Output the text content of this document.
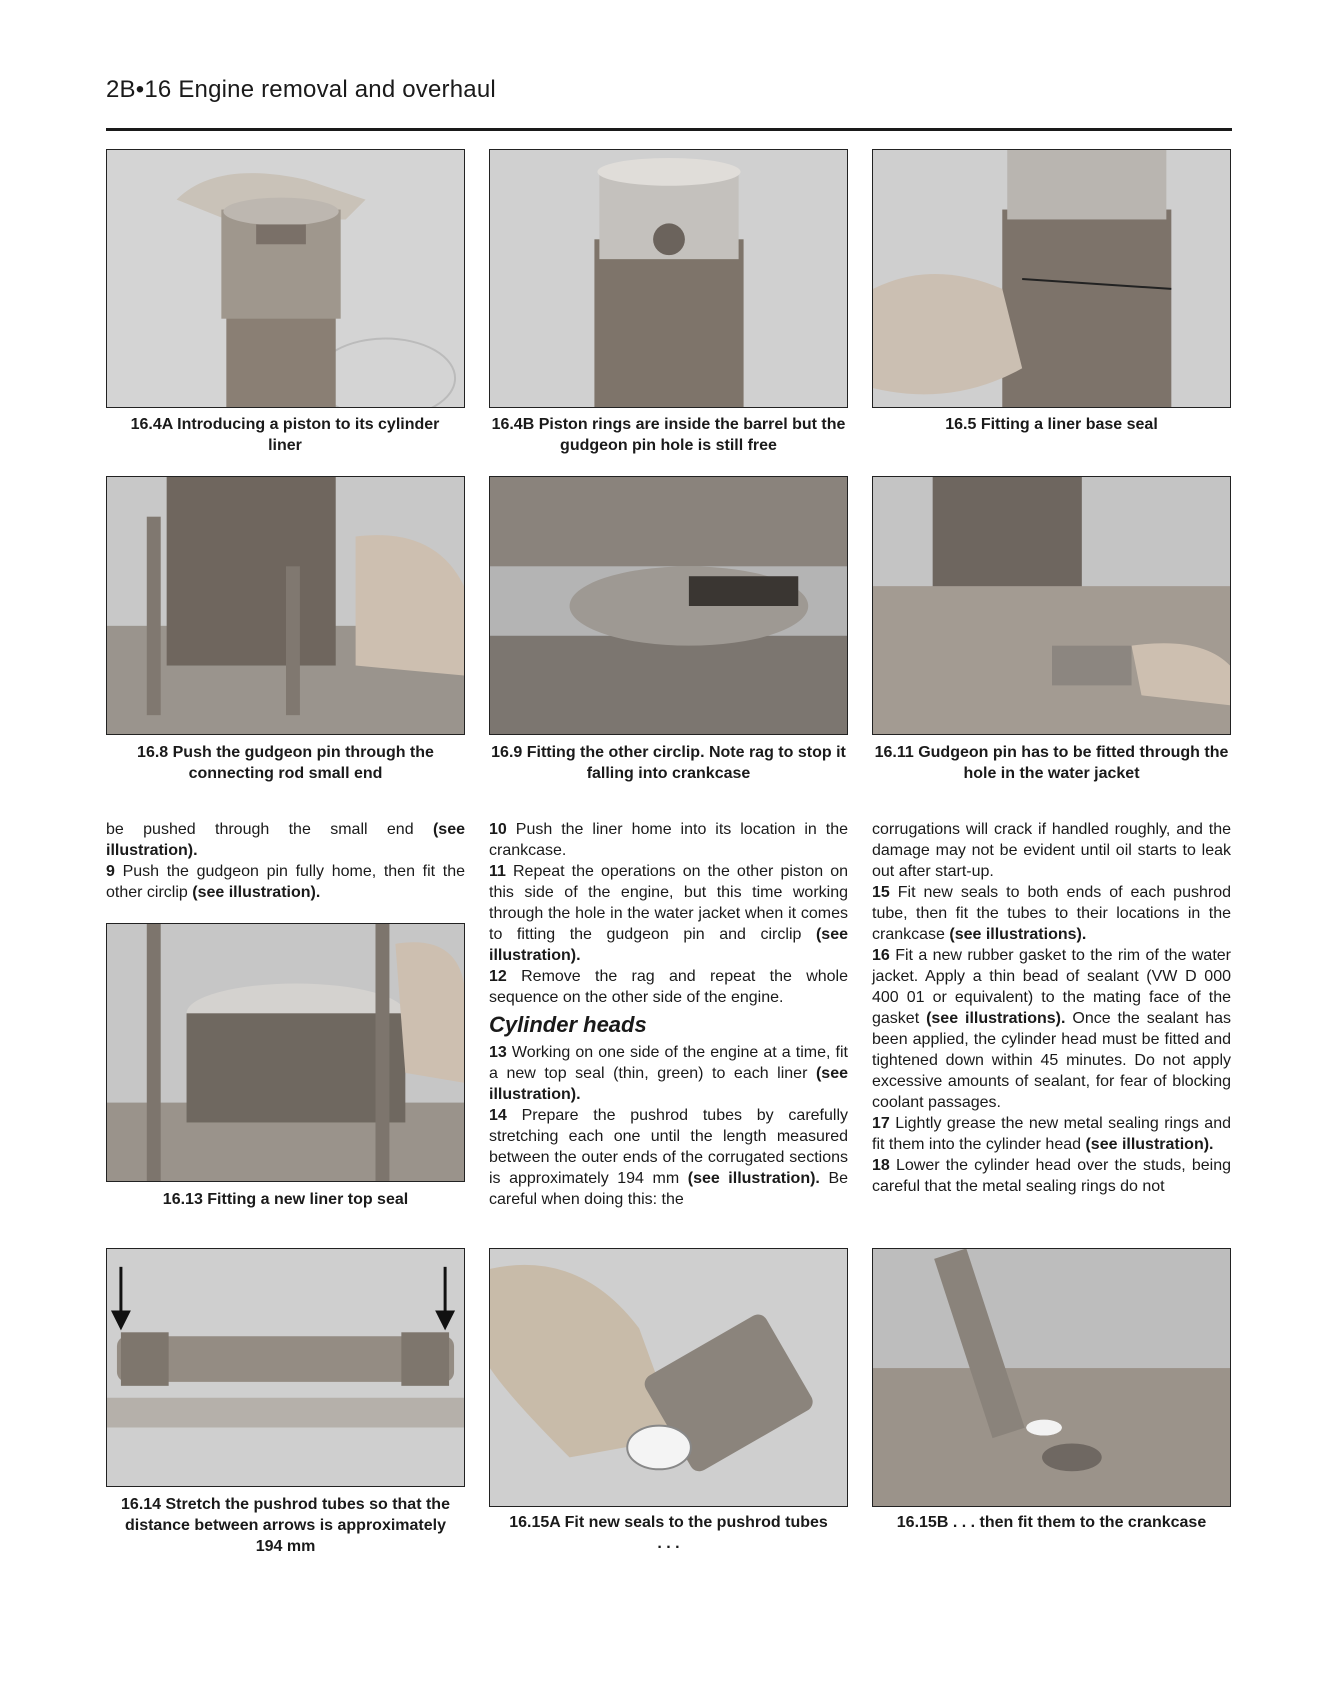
2B•16 Engine removal and overhaul
16.4A Introducing a piston to its cylinder liner
16.4B Piston rings are inside the barrel but the gudgeon pin hole is still free
16.5 Fitting a liner base seal
16.8 Push the gudgeon pin through the connecting rod small end
16.9 Fitting the other circlip. Note rag to stop it falling into crankcase
16.11 Gudgeon pin has to be fitted through the hole in the water jacket

be pushed through the small end (see illustration).

9 Push the gudgeon pin fully home, then fit the other circlip (see illustration).

16.13 Fitting a new liner top seal

10 Push the liner home into its location in the crankcase.

11 Repeat the operations on the other piston on this side of the engine, but this time working through the hole in the water jacket when it comes to fitting the gudgeon pin and circlip (see illustration).

12 Remove the rag and repeat the whole sequence on the other side of the engine.

Cylinder heads

13 Working on one side of the engine at a time, fit a new top seal (thin, green) to each liner (see illustration).

14 Prepare the pushrod tubes by carefully stretching each one until the length measured between the outer ends of the corrugated sections is approximately 194 mm (see illustration). Be careful when doing this: the

corrugations will crack if handled roughly, and the damage may not be evident until oil starts to leak out after start-up.

15 Fit new seals to both ends of each pushrod tube, then fit the tubes to their locations in the crankcase (see illustrations).

16 Fit a new rubber gasket to the rim of the water jacket. Apply a thin bead of sealant (VW D 000 400 01 or equivalent) to the mating face of the gasket (see illustrations). Once the sealant has been applied, the cylinder head must be fitted and tightened down within 45 minutes. Do not apply excessive amounts of sealant, for fear of blocking coolant passages.

17 Lightly grease the new metal sealing rings and fit them into the cylinder head (see illustration).

18 Lower the cylinder head over the studs, being careful that the metal sealing rings do not

16.14 Stretch the pushrod tubes so that the distance between arrows is approximately 194 mm
16.15A Fit new seals to the pushrod tubes . . .
16.15B . . . then fit them to the crankcase
